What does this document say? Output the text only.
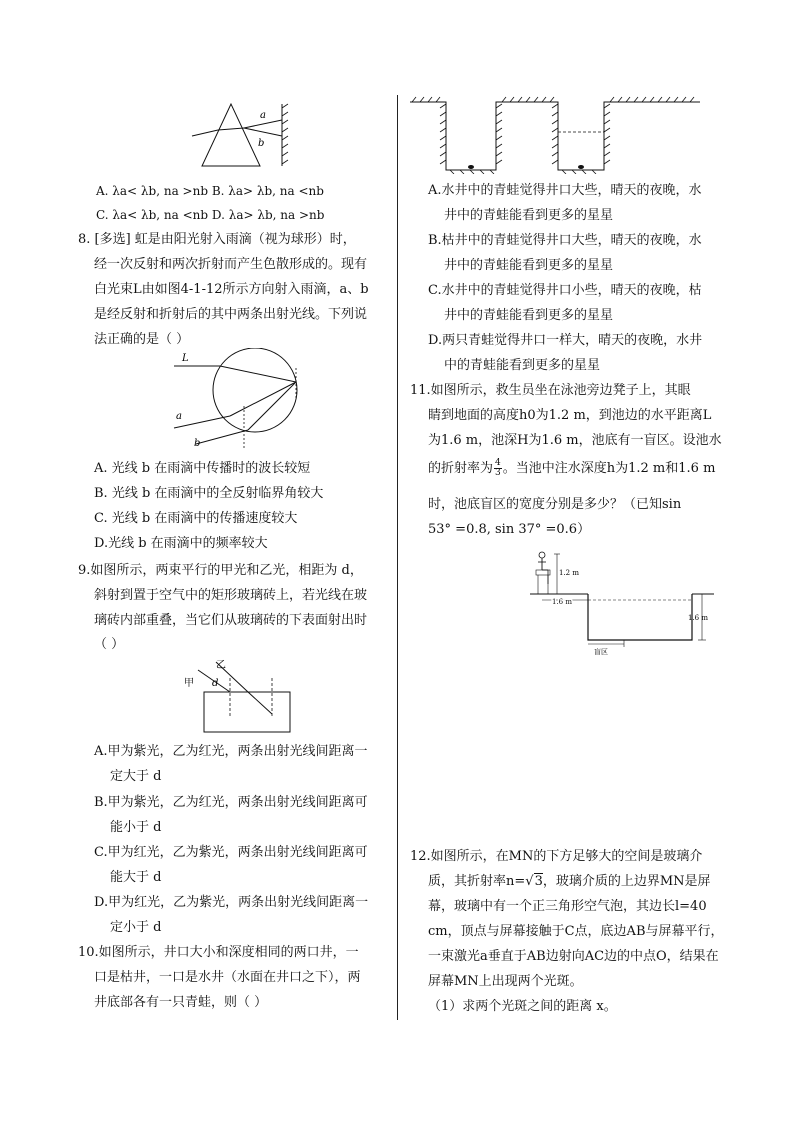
a
b
A. λa< λb, na >nb B. λa> λb, na <nb
C. λa< λb, na <nb D. λa> λb, na >nb
8. [多选] 虹是由阳光射入雨滴（视为球形）时，
经一次反射和两次折射而产生色散形成的。现有
白光束L由如图4-1-12所示方向射入雨滴，a、b
是经反射和折射后的其中两条出射光线。下列说
法正确的是（ ）
L
a
b
A. 光线 b 在雨滴中传播时的波长较短
B. 光线 b 在雨滴中的全反射临界角较大
C. 光线 b 在雨滴中的传播速度较大
D.光线 b 在雨滴中的频率较大
9.如图所示，两束平行的甲光和乙光，相距为 d，
斜射到置于空气中的矩形玻璃砖上，若光线在玻
璃砖内部重叠，当它们从玻璃砖的下表面射出时
（ ）
乙
甲 d
A.甲为紫光，乙为红光，两条出射光线间距离一
定大于 d
B.甲为紫光，乙为红光，两条出射光线间距离可
能小于 d
C.甲为红光，乙为紫光，两条出射光线间距离可
能大于 d
D.甲为红光，乙为紫光，两条出射光线间距离一
定小于 d
10.如图所示，井口大小和深度相同的两口井，一
口是枯井，一口是水井（水面在井口之下），两
井底部各有一只青蛙，则（ ）
A.水井中的青蛙觉得井口大些，晴天的夜晚，水
井中的青蛙能看到更多的星星
B.枯井中的青蛙觉得井口大些，晴天的夜晚，水
井中的青蛙能看到更多的星星
C.水井中的青蛙觉得井口小些，晴天的夜晚，枯
井中的青蛙能看到更多的星星
D.两只青蛙觉得井口一样大，晴天的夜晚，水井
中的青蛙能看到更多的星星
11.如图所示，救生员坐在泳池旁边凳子上，其眼
睛到地面的高度h0为1.2 m，到池边的水平距离L
为1.6 m，池深H为1.6 m，池底有一盲区。设池水
的折射率为 $\frac{4}{3}$ 。当池中注水深度h为1.2 m和1.6 m
时，池底盲区的宽度分别是多少？（已知sin
53° =0.8, sin 37° =0.6）
1.2 m
1.6 m
1.6 m
盲区
12.如图所示，在MN的下方足够大的空间是玻璃介
质，其折射率n=√3，玻璃介质的上边界MN是屏
幕，玻璃中有一个正三角形空气泡，其边长l=40
cm，顶点与屏幕接触于C点，底边AB与屏幕平行，
一束激光a垂直于AB边射向AC边的中点O，结果在
屏幕MN上出现两个光斑。
（1）求两个光斑之间的距离 x。
